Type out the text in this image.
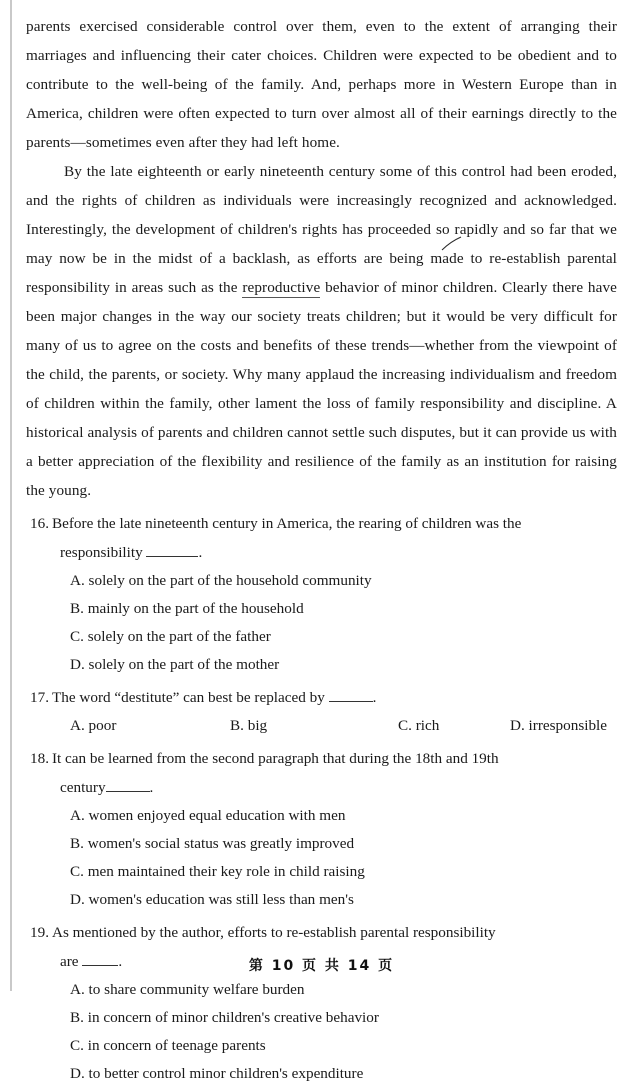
parents exercised considerable control over them, even to the extent of arranging their marriages and influencing their cater choices. Children were expected to be obedient and to contribute to the well-being of the family. And, perhaps more in Western Europe than in America, children were often expected to turn over almost all of their earnings directly to the parents—sometimes even after they had left home.

By the late eighteenth or early nineteenth century some of this control had been eroded, and the rights of children as individuals were increasingly recognized and acknowledged. Interestingly, the development of children's rights has proceeded so rapidly and so far that we may now be in the midst of a backlash, as efforts are being made to re-establish parental responsibility in areas such as the reproductive behavior of minor children. Clearly there have been major changes in the way our society treats children; but it would be very difficult for many of us to agree on the costs and benefits of these trends—whether from the viewpoint of the child, the parents, or society. Why many applaud the increasing individualism and freedom of children within the family, other lament the loss of family responsibility and discipline. A historical analysis of parents and children cannot settle such disputes, but it can provide us with a better appreciation of the flexibility and resilience of the family as an institution for raising the young.

16. Before the late nineteenth century in America, the rearing of children was the
responsibility	.
A. solely on the part of the household community
B. mainly on the part of the household
C. solely on the part of the father
D. solely on the part of the mother
17. The word “destitute” can best be replaced by	.
A. poor	B. big	C. rich	D. irresponsible
18. It can be learned from the second paragraph that during the 18th and 19th
century	.
A. women enjoyed equal education with men
B. women's social status was greatly improved
C. men maintained their key role in child raising
D. women's education was still less than men's
19. As mentioned by the author, efforts to re-establish parental responsibility
are .
A. to share community welfare burden
B. in concern of minor children's creative behavior
C. in concern of teenage parents
D. to better control minor children's expenditure
第 10 页 共 14 页
